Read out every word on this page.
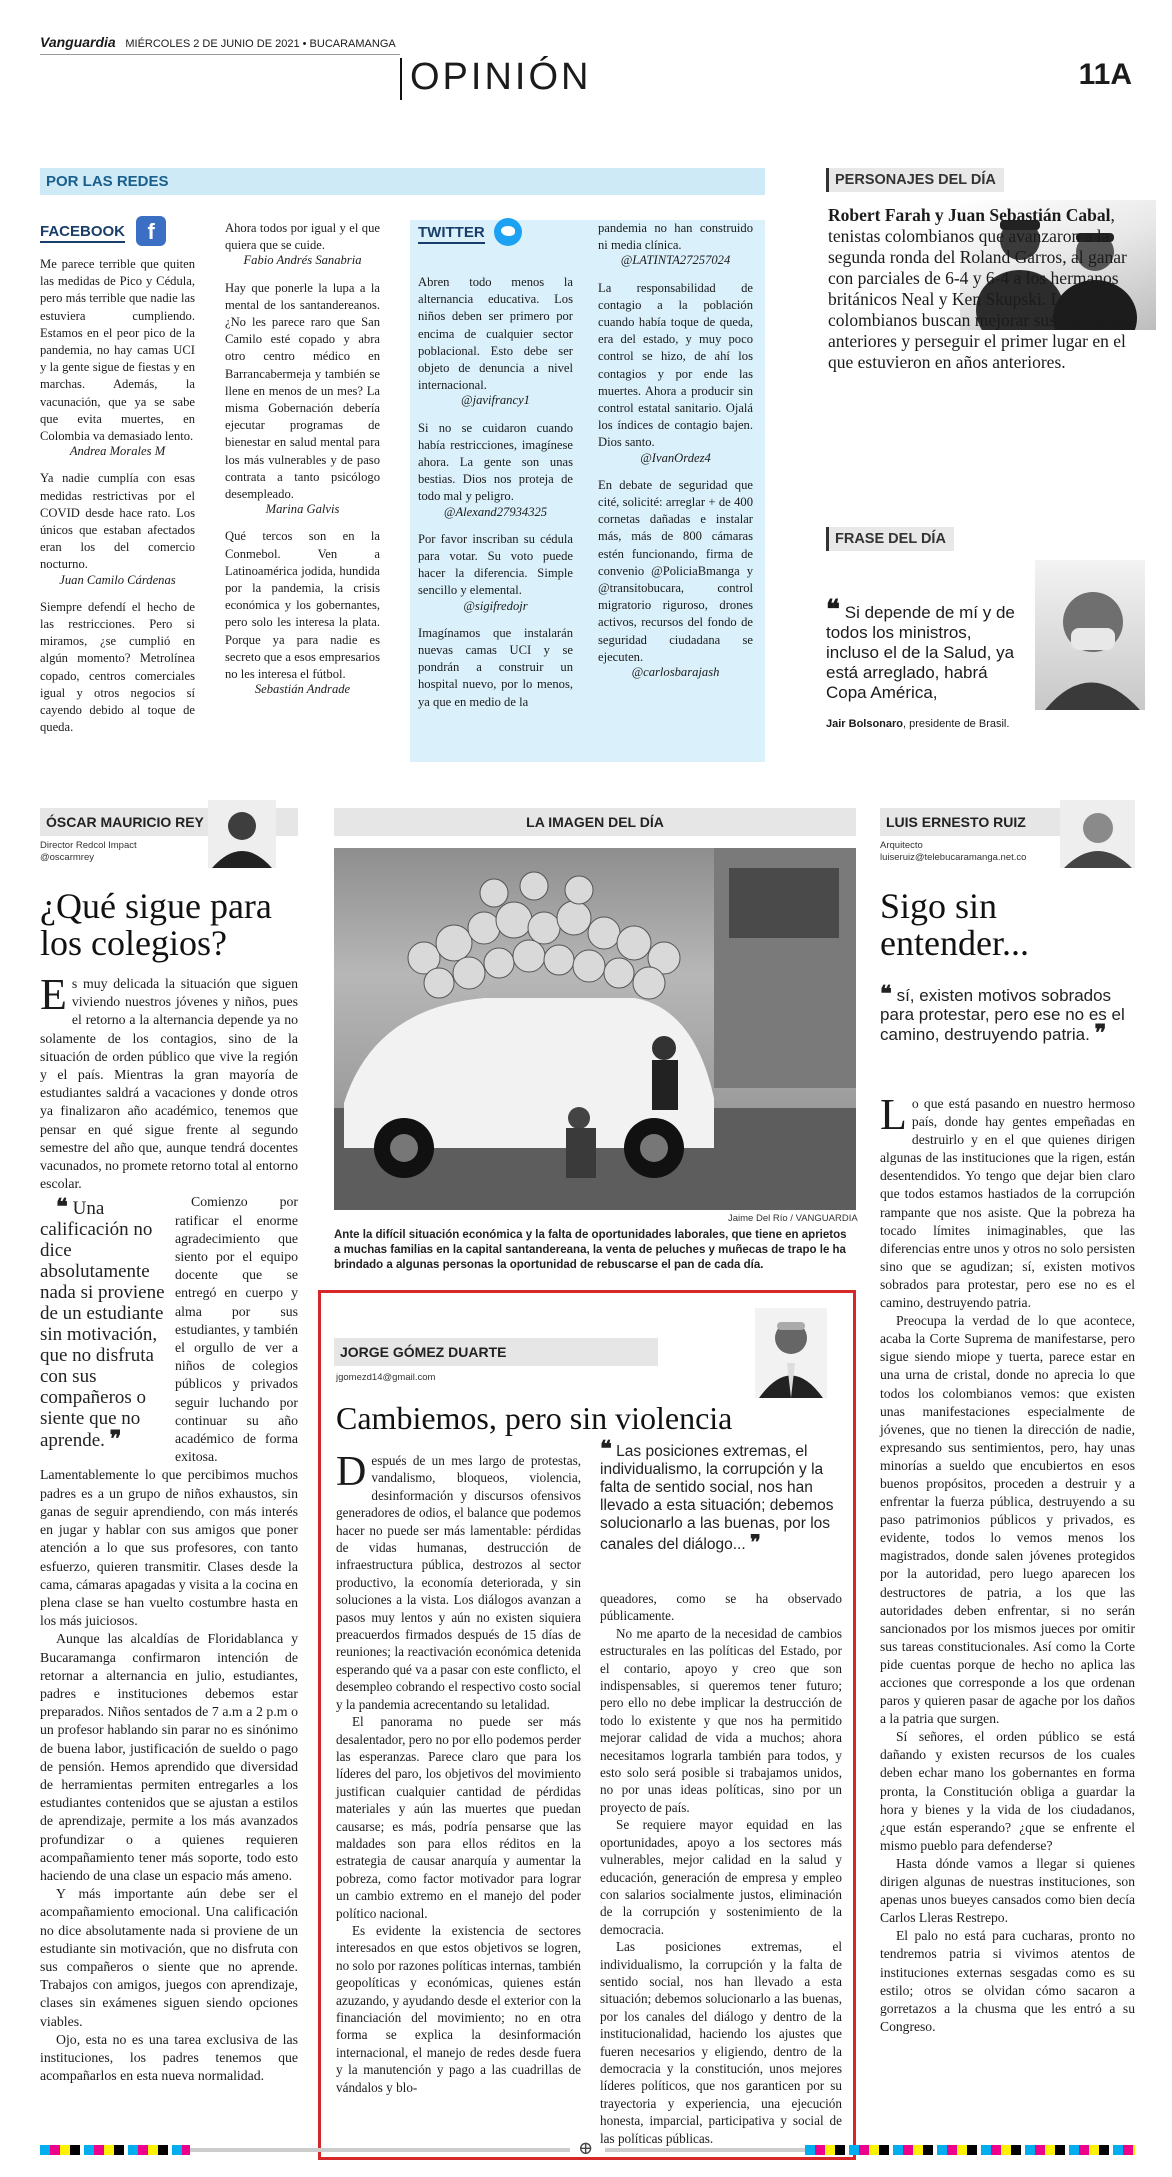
Vanguardia MIÉRCOLES 2 DE JUNIO DE 2021 • BUCARAMANGA
OPINIÓN	11A
POR LAS REDES
FACEBOOK f

Me parece terrible que quiten las medidas de Pico y Cédula, pero más terrible que nadie las estuviera cumpliendo. Estamos en el peor pico de la pandemia, no hay camas UCI y la gente sigue de fiestas y en marchas. Además, la vacunación, que ya se sabe que evita muertes, en Colombia va demasiado lento.
Andrea Morales M

Ya nadie cumplía con esas medidas restrictivas por el COVID desde hace rato. Los únicos que estaban afectados eran los del comercio nocturno.
Juan Camilo Cárdenas

Siempre defendí el hecho de las restricciones. Pero si miramos, ¿se cumplió en algún momento? Metrolínea copado, centros comerciales igual y otros negocios sí cayendo debido al toque de queda.

Ahora todos por igual y el que quiera que se cuide.
Fabio Andrés Sanabria

Hay que ponerle la lupa a la mental de los santandereanos. ¿No les parece raro que San Camilo esté copado y abra otro centro médico en Barrancabermeja y también se llene en menos de un mes? La misma Gobernación debería ejecutar programas de bienestar en salud mental para los más vulnerables y de paso contrata a tanto psicólogo desempleado.
Marina Galvis

Qué tercos son en la Conmebol. Ven a Latinoamérica jodida, hundida por la pandemia, la crisis económica y los gobernantes, pero solo les interesa la plata. Porque ya para nadie es secreto que a esos empresarios no les interesa el fútbol.
Sebastián Andrade

TWITTER

Abren todo menos la alternancia educativa. Los niños deben ser primero por encima de cualquier sector poblacional. Esto debe ser objeto de denuncia a nivel internacional.
@javifrancy1

Si no se cuidaron cuando había restricciones, imagínese ahora. La gente son unas bestias. Dios nos proteja de todo mal y peligro.
@Alexand27934325

Por favor inscriban su cédula para votar. Su voto puede hacer la diferencia. Simple sencillo y elemental.
@sigifredojr

Imagínamos que instalarán nuevas camas UCI y se pondrán a construir un hospital nuevo, por lo menos, ya que en medio de la

pandemia no han construido ni media clínica.
@LATINTA27257024

La responsabilidad de contagio a la población cuando había toque de queda, era del estado, y muy poco control se hizo, de ahí los contagios y por ende las muertes. Ahora a producir sin control estatal sanitario. Ojalá los índices de contagio bajen. Dios santo.
@IvanOrdez4

En debate de seguridad que cité, solicité: arreglar + de 400 cornetas dañadas e instalar más, más de 800 cámaras estén funcionando, firma de convenio @PoliciaBmanga y @transitobucara, control migratorio riguroso, drones activos, recursos del fondo de seguridad ciudadana se ejecuten.
@carlosbarajash

PERSONAJES DEL DÍA
Robert Farah y Juan Sebastián Cabal, tenistas colombianos que avanzaron a la segunda ronda del Roland Garros, al ganar con parciales de 6-4 y 6-4 a los hermanos británicos Neal y Ken Skupski. Los colombianos buscan mejorar sus campañas anteriores y perseguir el primer lugar en el que estuvieron en años anteriores.
FRASE DEL DÍA
❝ Si depende de mí y de todos los ministros, incluso el de la Salud, ya está arreglado, habrá Copa América,
Jair Bolsonaro, presidente de Brasil.
ÓSCAR MAURICIO REY
Director Redcol Impact
@oscarmrey
¿Qué sigue para los colegios?

Es muy delicada la situación que siguen viviendo nuestros jóvenes y niños, pues el retorno a la alternancia depende ya no solamente de los contagios, sino de la situación de orden público que vive la región y el país. Mientras la gran mayoría de estudiantes saldrá a vacaciones y donde otros ya finalizaron año académico, tenemos que pensar en qué sigue frente al segundo semestre del año que, aunque tendrá docentes vacunados, no promete retorno total al entorno escolar.

❝ Una calificación no dice absolutamente nada si proviene de un estudiante sin motivación, que no disfruta con sus compañeros o siente que no aprende. ❞
Comienzo por ratificar el enorme agradecimiento que siento por el equipo docente que se entregó en cuerpo y alma por sus estudiantes, y también el orgullo de ver a niños de colegios públicos y privados seguir luchando por continuar su año académico de forma exitosa. Lamentablemente lo que percibimos muchos padres es a un grupo de niños exhaustos, sin ganas de seguir aprendiendo, con más interés en jugar y hablar con sus amigos que poner atención a lo que sus profesores, con tanto esfuerzo, quieren transmitir. Clases desde la cama, cámaras apagadas y visita a la cocina en plena clase se han vuelto costumbre hasta en los más juiciosos.

Aunque las alcaldías de Floridablanca y Bucaramanga confirmaron intención de retornar a alternancia en julio, estudiantes, padres e instituciones debemos estar preparados. Niños sentados de 7 a.m a 2 p.m o un profesor hablando sin parar no es sinónimo de buena labor, justificación de sueldo o pago de pensión. Hemos aprendido que diversidad de herramientas permiten entregarles a los estudiantes contenidos que se ajustan a estilos de aprendizaje, permite a los más avanzados profundizar o a quienes requieren acompañamiento tener más soporte, todo esto haciendo de una clase un espacio más ameno.

Y más importante aún debe ser el acompañamiento emocional. Una calificación no dice absolutamente nada si proviene de un estudiante sin motivación, que no disfruta con sus compañeros o siente que no aprende. Trabajos con amigos, juegos con aprendizaje, clases sin exámenes siguen siendo opciones viables.

Ojo, esta no es una tarea exclusiva de las instituciones, los padres tenemos que acompañarlos en esta nueva normalidad.

LA IMAGEN DEL DÍA
Jaime Del Río / VANGUARDIA
Ante la difícil situación económica y la falta de oportunidades laborales, que tiene en aprietos a muchas familias en la capital santandereana, la venta de peluches y muñecas de trapo le ha brindado a algunas personas la oportunidad de rebuscarse el pan de cada día.
JORGE GÓMEZ DUARTE
jgomezd14@gmail.com
Cambiemos, pero sin violencia

Después de un mes largo de protestas, vandalismo, bloqueos, violencia, desinformación y discursos ofensivos generadores de odios, el balance que podemos hacer no puede ser más lamentable: pérdidas de vidas humanas, destrucción de infraestructura pública, destrozos al sector productivo, la economía deteriorada, y sin soluciones a la vista. Los diálogos avanzan a pasos muy lentos y aún no existen siquiera preacuerdos firmados después de 15 días de reuniones; la reactivación económica detenida esperando qué va a pasar con este conflicto, el desempleo cobrando el respectivo costo social y la pandemia acrecentando su letalidad.

El panorama no puede ser más desalentador, pero no por ello podemos perder las esperanzas. Parece claro que para los líderes del paro, los objetivos del movimiento justifican cualquier cantidad de pérdidas materiales y aún las muertes que puedan causarse; es más, podría pensarse que las maldades son para ellos réditos en la estrategia de causar anarquía y aumentar la pobreza, como factor motivador para lograr un cambio extremo en el manejo del poder político nacional.

Es evidente la existencia de sectores interesados en que estos objetivos se logren, no solo por razones políticas internas, también geopolíticas y económicas, quienes están azuzando, y ayudando desde el exterior con la financiación del movimiento; no en otra forma se explica la desinformación internacional, el manejo de redes desde fuera y la manutención y pago a las cuadrillas de vándalos y blo-

❝ Las posiciones extremas, el individualismo, la corrupción y la falta de sentido social, nos han llevado a esta situación; debemos solucionarlo a las buenas, por los canales del diálogo... ❞

queadores, como se ha observado públicamente.

No me aparto de la necesidad de cambios estructurales en las políticas del Estado, por el contario, apoyo y creo que son indispensables, si queremos tener futuro; pero ello no debe implicar la destrucción de todo lo existente y que nos ha permitido mejorar calidad de vida a muchos; ahora necesitamos lograrla también para todos, y esto solo será posible si trabajamos unidos, no por unas ideas políticas, sino por un proyecto de país.

Se requiere mayor equidad en las oportunidades, apoyo a los sectores más vulnerables, mejor calidad en la salud y educación, generación de empresa y empleo con salarios socialmente justos, eliminación de la corrupción y sostenimiento de la democracia.

Las posiciones extremas, el individualismo, la corrupción y la falta de sentido social, nos han llevado a esta situación; debemos solucionarlo a las buenas, por los canales del diálogo y dentro de la institucionalidad, haciendo los ajustes que fueren necesarios y eligiendo, dentro de la democracia y la constitución, unos mejores líderes políticos, que nos garanticen por su trayectoria y experiencia, una ejecución honesta, imparcial, participativa y social de las políticas públicas.

LUIS ERNESTO RUIZ
Arquitecto
luiseruiz@telebucaramanga.net.co
Sigo sin entender...
❝ sí, existen motivos sobrados para protestar, pero ese no es el camino, destruyendo patria. ❞

Lo que está pasando en nuestro hermoso país, donde hay gentes empeñadas en destruirlo y en el que quienes dirigen algunas de las instituciones que la rigen, están desentendidos. Yo tengo que dejar bien claro que todos estamos hastiados de la corrupción rampante que nos asiste. Que la pobreza ha tocado límites inimaginables, que las diferencias entre unos y otros no solo persisten sino que se agudizan; sí, existen motivos sobrados para protestar, pero ese no es el camino, destruyendo patria.

Preocupa la verdad de lo que acontece, acaba la Corte Suprema de manifestarse, pero sigue siendo miope y tuerta, parece estar en una urna de cristal, donde no aprecia lo que todos los colombianos vemos: que existen unas manifestaciones especialmente de jóvenes, que no tienen la dirección de nadie, expresando sus sentimientos, pero, hay unas minorías a sueldo que encubiertos en esos buenos propósitos, proceden a destruir y a enfrentar la fuerza pública, destruyendo a su paso patrimonios públicos y privados, es evidente, todos lo vemos menos los magistrados, donde salen jóvenes protegidos por la autoridad, pero luego aparecen los destructores de patria, a los que las autoridades deben enfrentar, si no serán sancionados por los mismos jueces por omitir sus tareas constitucionales. Así como la Corte pide cuentas porque de hecho no aplica las acciones que corresponde a los que ordenan paros y quieren pasar de agache por los daños a la patria que surgen.

Sí señores, el orden público se está dañando y existen recursos de los cuales deben echar mano los gobernantes en forma pronta, la Constitución obliga a guardar la hora y bienes y la vida de los ciudadanos, ¿que están esperando? ¿que se enfrente el mismo pueblo para defenderse?

Hasta dónde vamos a llegar si quienes dirigen algunas de nuestras instituciones, son apenas unos bueyes cansados como bien decía Carlos Lleras Restrepo.

El palo no está para cucharas, pronto no tendremos patria si vivimos atentos de instituciones externas sesgadas como es su estilo; otros se olvidan cómo sacaron a gorretazos a la chusma que les entró a su Congreso.

⊕
